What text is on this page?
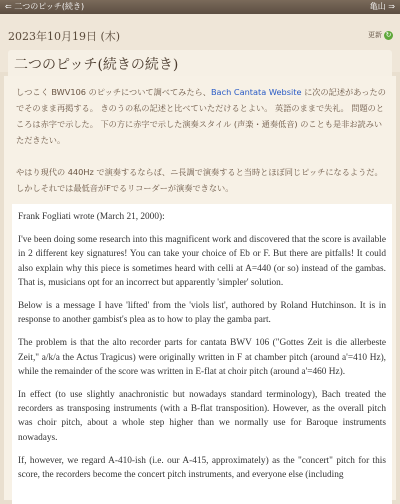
⇐ 二つのピッチ(続き)	亀山 ⇒
2023年10月19日 (木)	更新 ↻
二つのピッチ(続きの続き)
しつこく BWV106 のピッチについて調べてみたら、Bach Cantata Website に次の記述があったのでそのまま再掲する。 きのうの私の記述と比べていただけるとよい。 英語のままで失礼。 問題のところは赤字で示した。 下の方に赤字で示した演奏スタイル (声楽・通奏低音) のことも是非お読みいただきたい。
やはり現代の 440Hz で演奏するならば、ニ長調で演奏すると当時とほぼ同じピッチになるようだ。 しかしそれでは最低音がFでるリコーダーが演奏できない。

Frank Fogliati wrote (March 21, 2000):

I've been doing some research into this magnificent work and discovered that the score is available in 2 different key signatures! You can take your choice of Eb or F. But there are pitfalls! It could also explain why this piece is sometimes heard with celli at A=440 (or so) instead of the gambas. That is, musicians opt for an incorrect but apparently 'simpler' solution.

Below is a message I have 'lifted' from the 'viols list', authored by Roland Hutchinson. It is in response to another gambist's plea as to how to play the gamba part.

The problem is that the alto recorder parts for cantata BWV 106 ("Gottes Zeit is die allerbeste Zeit," a/k/a the Actus Tragicus) were originally written in F at chamber pitch (around a'=410 Hz), while the remainder of the score was written in E-flat at choir pitch (around a'=460 Hz).

In effect (to use slightly anachronistic but nowadays standard terminology), Bach treated the recorders as transposing instruments (with a B-flat transposition). However, as the overall pitch was choir pitch, about a whole step higher than we normally use for Baroque instruments nowadays.

If, however, we regard A-410-ish (i.e. our A-415, approximately) as the "concert" pitch for this score, the recorders become the concert pitch instruments, and everyone else (including
